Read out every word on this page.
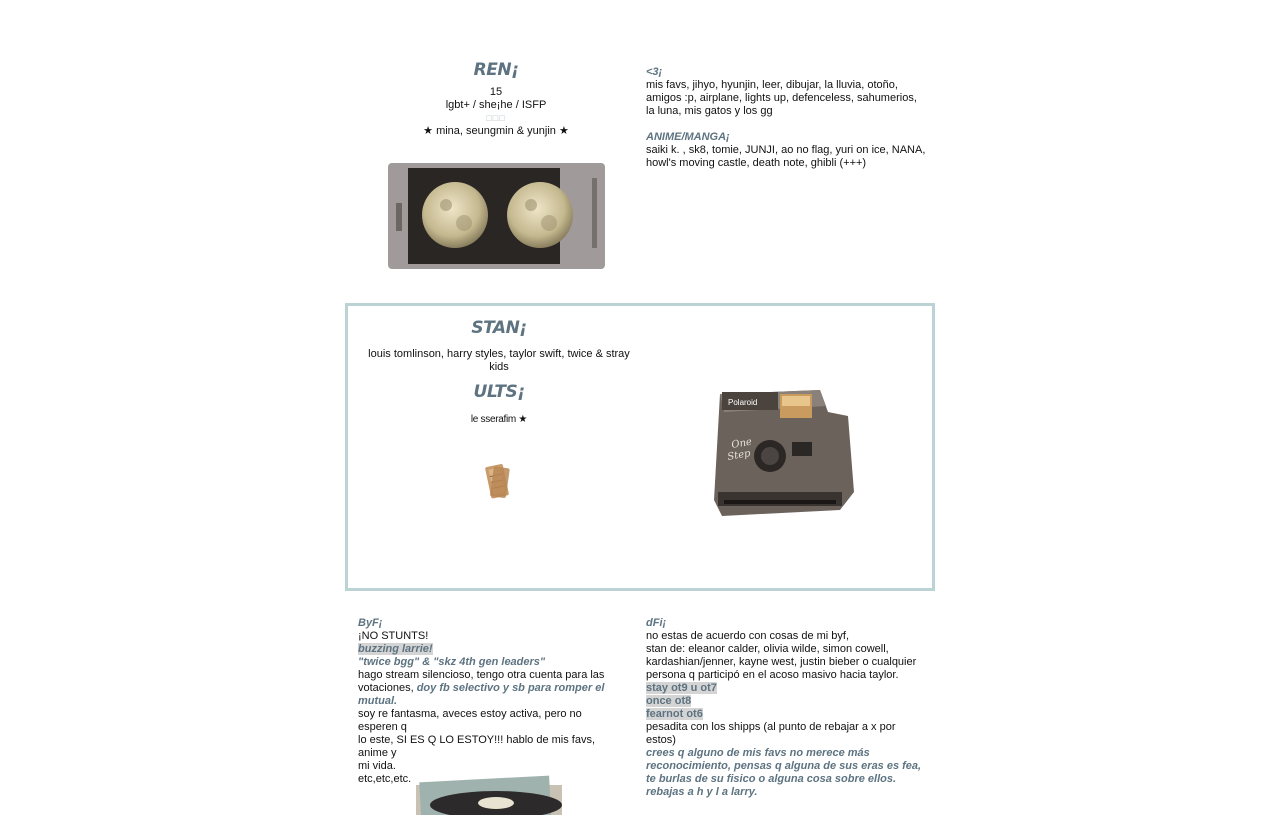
REN¡
15
lgbt+ / she¡he / ISFP
□□□
★ mina, seungmin & yunjin ★
<3¡
mis favs, jihyo, hyunjin, leer, dibujar, la lluvia, otoño,
amigos :p, airplane, lights up, defenceless, sahumerios,
la luna, mis gatos y los gg
ANIME/MANGA¡
saiki k. , sk8, tomie, JUNJI, ao no flag, yuri on ice, NANA,
howl's moving castle, death note, ghibli (+++)
STAN¡
louis tomlinson, harry styles, taylor swift, twice & stray
kids
ULTS¡
le sserafim ★
Polaroid
One
Step
ByF¡
¡NO STUNTS!
buzzing larrie!
"twice bgg" & "skz 4th gen leaders"
hago stream silencioso, tengo otra cuenta para las
votaciones, doy fb selectivo y sb para romper el
mutual.
soy re fantasma, aveces estoy activa, pero no esperen q
lo este, SI ES Q LO ESTOY!!! hablo de mis favs, anime y
mi vida.
etc,etc,etc.
dFi¡
no estas de acuerdo con cosas de mi byf,
stan de: eleanor calder, olivia wilde, simon cowell,
kardashian/jenner, kayne west, justin bieber o cualquier
persona q participó en el acoso masivo hacia taylor.
stay ot9 u ot7
once ot8
fearnot ot6
pesadita con los shipps (al punto de rebajar a x por
estos)
crees q alguno de mis favs no merece más
reconocimiento, pensas q alguna de sus eras es fea,
te burlas de su fisico o alguna cosa sobre ellos.
rebajas a h y l a larry.
